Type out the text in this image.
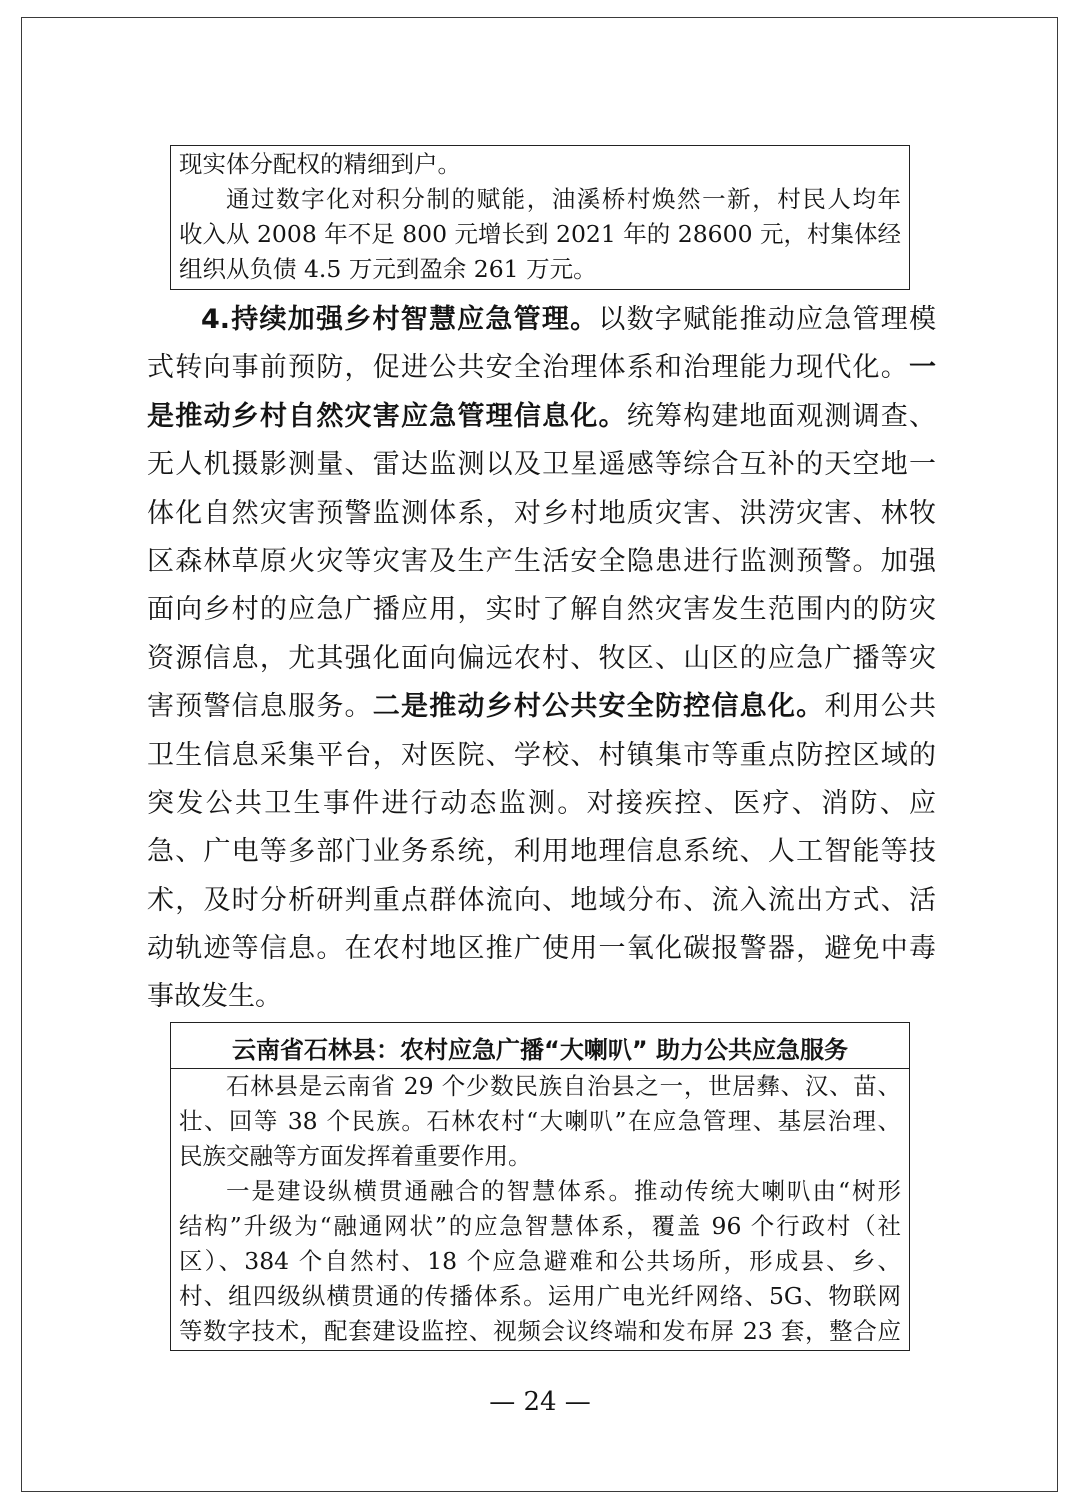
现实体分配权的精细到户。
通过数字化对积分制的赋能，油溪桥村焕然一新，村民人均年
收入从 2008 年不足 800 元增长到 2021 年的 28600 元，村集体经
组织从负债 4.5 万元到盈余 261 万元。
4.持续加强乡村智慧应急管理。以数字赋能推动应急管理模
式转向事前预防，促进公共安全治理体系和治理能力现代化。一
是推动乡村自然灾害应急管理信息化。统筹构建地面观测调查、
无人机摄影测量、雷达监测以及卫星遥感等综合互补的天空地一
体化自然灾害预警监测体系，对乡村地质灾害、洪涝灾害、林牧
区森林草原火灾等灾害及生产生活安全隐患进行监测预警。加强
面向乡村的应急广播应用，实时了解自然灾害发生范围内的防灾
资源信息，尤其强化面向偏远农村、牧区、山区的应急广播等灾
害预警信息服务。二是推动乡村公共安全防控信息化。利用公共
卫生信息采集平台，对医院、学校、村镇集市等重点防控区域的
突发公共卫生事件进行动态监测。对接疾控、医疗、消防、应
急、广电等多部门业务系统，利用地理信息系统、人工智能等技
术，及时分析研判重点群体流向、地域分布、流入流出方式、活
动轨迹等信息。在农村地区推广使用一氧化碳报警器，避免中毒
事故发生。
云南省石林县：农村应急广播“大喇叭” 助力公共应急服务
石林县是云南省 29 个少数民族自治县之一，世居彝、汉、苗、
壮、回等 38 个民族。石林农村“大喇叭”在应急管理、基层治理、
民族交融等方面发挥着重要作用。
一是建设纵横贯通融合的智慧体系。推动传统大喇叭由“树形
结构”升级为“融通网状”的应急智慧体系，覆盖 96 个行政村（社
区）、384 个自然村、18 个应急避难和公共场所，形成县、乡、
村、组四级纵横贯通的传播体系。运用广电光纤网络、5G、物联网
等数字技术，配套建设监控、视频会议终端和发布屏 23 套，整合应
— 24 —
